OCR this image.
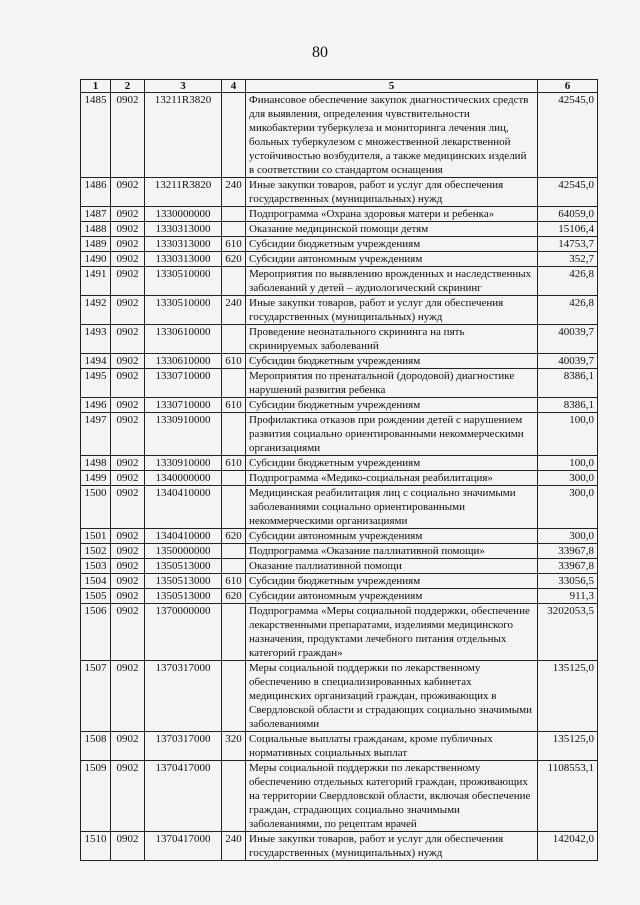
80
1	2	3	4	5	6
1485	0902	13211R3820		Финансовое обеспечение закупок диагностических средств для выявления, определения чувствительности микобактерии туберкулеза и мониторинга лечения лиц, больных туберкулезом с множественной лекарственной устойчивостью возбудителя, а также медицинских изделий в соответствии со стандартом оснащения	42545,0
1486	0902	13211R3820	240	Иные закупки товаров, работ и услуг для обеспечения государственных (муниципальных) нужд	42545,0
1487	0902	1330000000		Подпрограмма «Охрана здоровья матери и ребенка»	64059,0
1488	0902	1330313000		Оказание медицинской помощи детям	15106,4
1489	0902	1330313000	610	Субсидии бюджетным учреждениям	14753,7
1490	0902	1330313000	620	Субсидии автономным учреждениям	352,7
1491	0902	1330510000		Мероприятия по выявлению врожденных и наследственных заболеваний у детей – аудиологический скрининг	426,8
1492	0902	1330510000	240	Иные закупки товаров, работ и услуг для обеспечения государственных (муниципальных) нужд	426,8
1493	0902	1330610000		Проведение неонатального скрининга на пять скринируемых заболеваний	40039,7
1494	0902	1330610000	610	Субсидии бюджетным учреждениям	40039,7
1495	0902	1330710000		Мероприятия по пренатальной (дородовой) диагностике нарушений развития ребенка	8386,1
1496	0902	1330710000	610	Субсидии бюджетным учреждениям	8386,1
1497	0902	1330910000		Профилактика отказов при рождении детей с нарушением развития социально ориентированными некоммерческими организациями	100,0
1498	0902	1330910000	610	Субсидии бюджетным учреждениям	100,0
1499	0902	1340000000		Подпрограмма «Медико-социальная реабилитация»	300,0
1500	0902	1340410000		Медицинская реабилитация лиц с социально значимыми заболеваниями социально ориентированными некоммерческими организациями	300,0
1501	0902	1340410000	620	Субсидии автономным учреждениям	300,0
1502	0902	1350000000		Подпрограмма «Оказание паллиативной помощи»	33967,8
1503	0902	1350513000		Оказание паллиативной помощи	33967,8
1504	0902	1350513000	610	Субсидии бюджетным учреждениям	33056,5
1505	0902	1350513000	620	Субсидии автономным учреждениям	911,3
1506	0902	1370000000		Подпрограмма «Меры социальной поддержки, обеспечение лекарственными препаратами, изделиями медицинского назначения, продуктами лечебного питания отдельных категорий граждан»	3202053,5
1507	0902	1370317000		Меры социальной поддержки по лекарственному обеспечению в специализированных кабинетах медицинских организаций граждан, проживающих в Свердловской области и страдающих социально значимыми заболеваниями	135125,0
1508	0902	1370317000	320	Социальные выплаты гражданам, кроме публичных нормативных социальных выплат	135125,0
1509	0902	1370417000		Меры социальной поддержки по лекарственному обеспечению отдельных категорий граждан, проживающих на территории Свердловской области, включая обеспечение граждан, страдающих социально значимыми заболеваниями, по рецептам врачей	1108553,1
1510	0902	1370417000	240	Иные закупки товаров, работ и услуг для обеспечения государственных (муниципальных) нужд	142042,0
